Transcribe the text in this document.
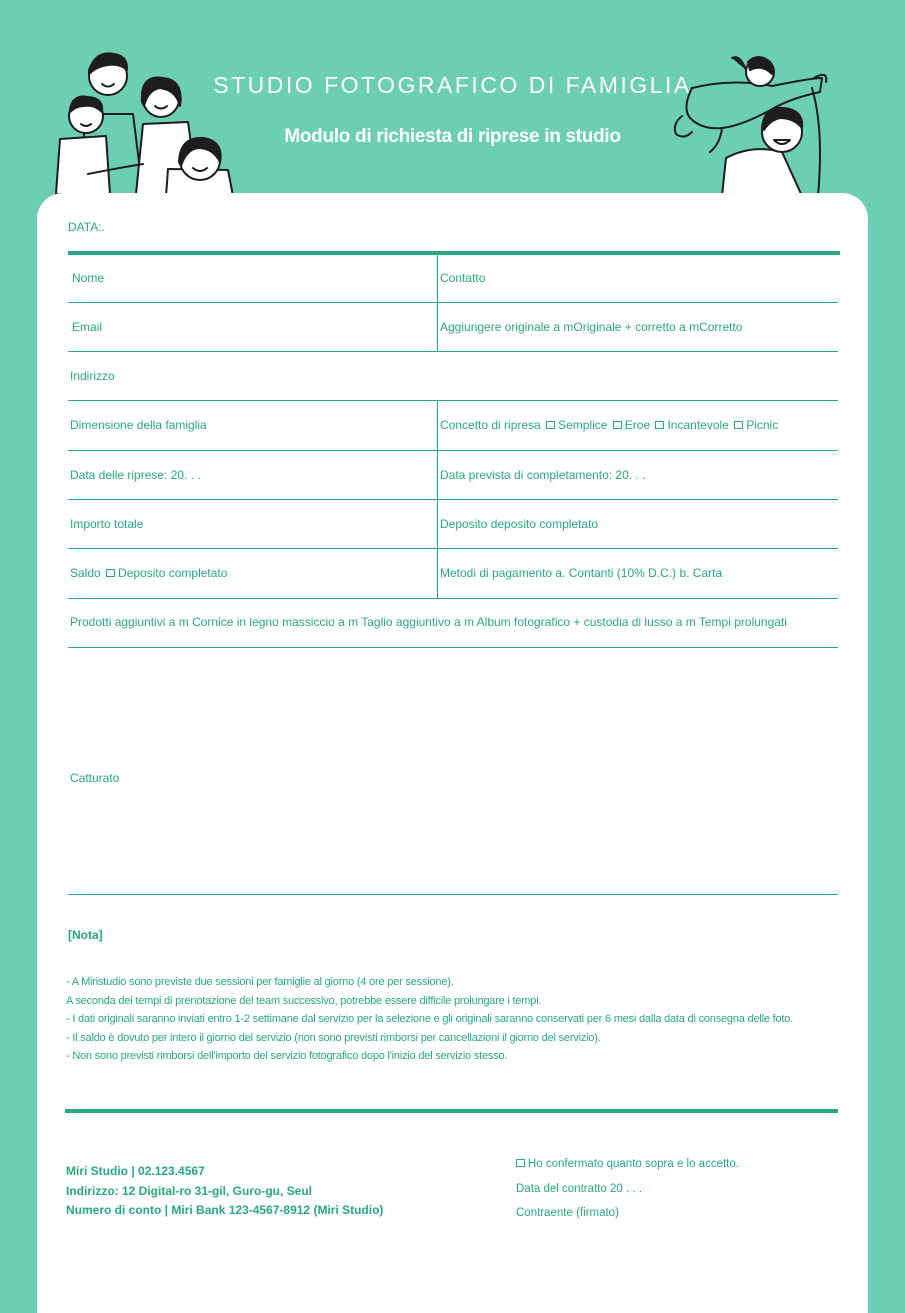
STUDIO FOTOGRAFICO DI FAMIGLIA
Modulo di richiesta di riprese in studio
DATA:.
Nome	Contatto
Email	Aggiungere originale a mOriginale + corretto a mCorretto
Indirizzo
Dimensione della famiglia	Concetto di ripresa Semplice Eroe Incantevole Picnic
Data delle riprese: 20. . .	Data prevista di completamento: 20. . .
Importo totale	Deposito deposito completato
Saldo Deposito completato	Metodi di pagamento a. Contanti (10% D.C.) b. Carta
Prodotti aggiuntivi a m Cornice in legno massiccio a m Taglio aggiuntivo a m Album fotografico + custodia di lusso a m Tempi prolungati
Catturato
[Nota]
- A Miristudio sono previste due sessioni per famiglie al giorno (4 ore per sessione).
A seconda dei tempi di prenotazione del team successivo, potrebbe essere difficile prolungare i tempi.
- I dati originali saranno inviati entro 1-2 settimane dal servizio per la selezione e gli originali saranno conservati per 6 mesi dalla data di consegna delle foto.
- Il saldo è dovuto per intero il giorno del servizio (non sono previsti rimborsi per cancellazioni il giorno del servizio).
- Non sono previsti rimborsi dell'importo del servizio fotografico dopo l'inizio del servizio stesso.
Miri Studio | 02.123.4567
Indirizzo: 12 Digital-ro 31-gil, Guro-gu, Seul
Numero di conto | Miri Bank 123-4567-8912 (Miri Studio)
Ho confermato quanto sopra e lo accetto.
Data del contratto 20 . . .
Contraente (firmato)
